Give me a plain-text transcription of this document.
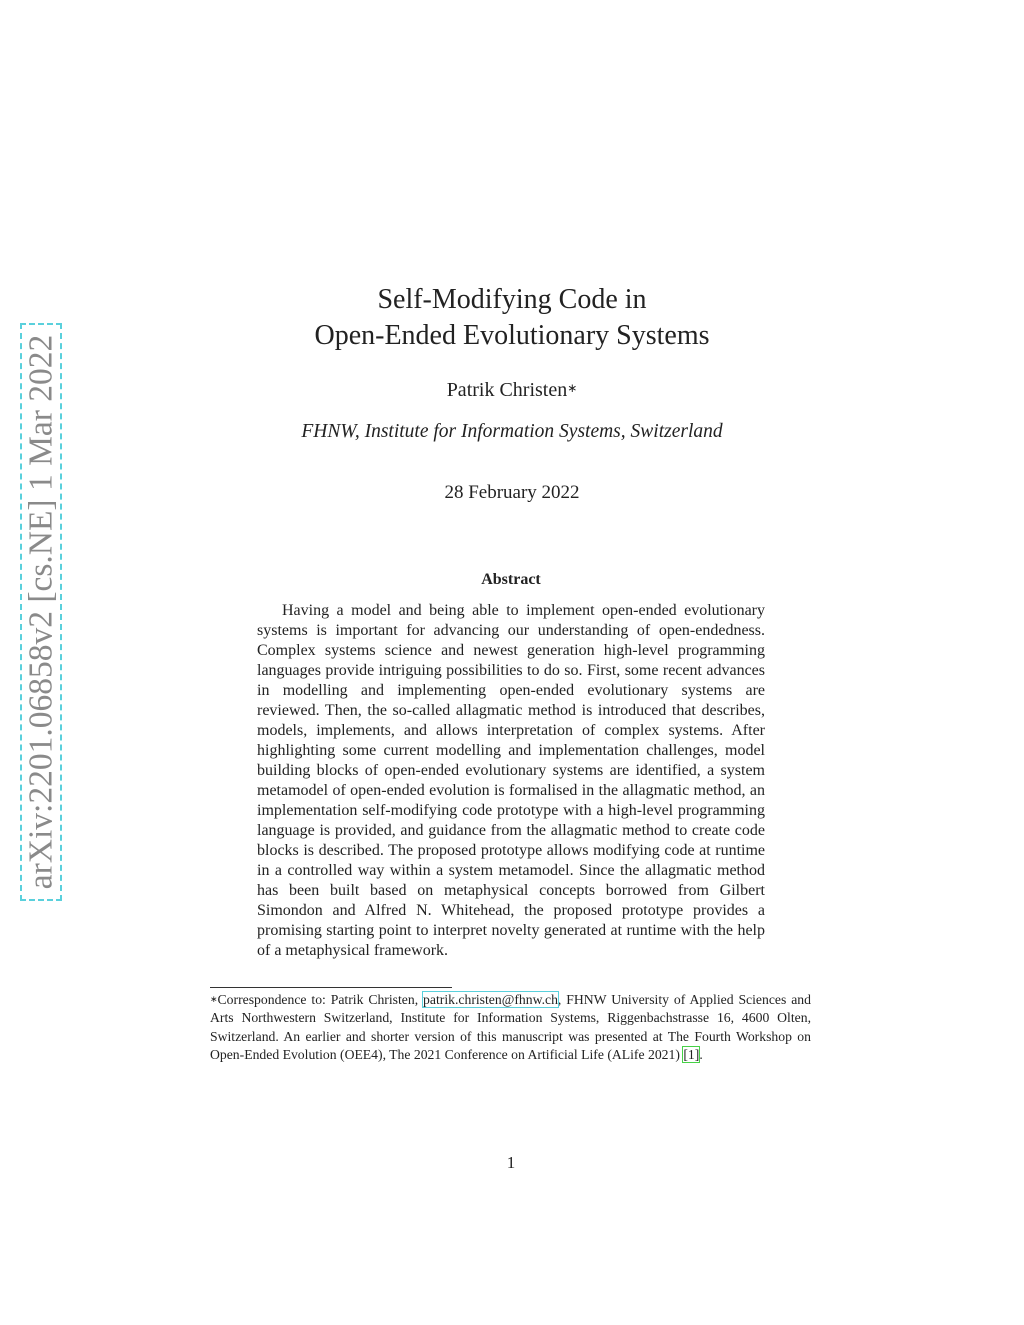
arXiv:2201.06858v2 [cs.NE] 1 Mar 2022
Self-Modifying Code in
Open-Ended Evolutionary Systems
Patrik Christen∗
FHNW, Institute for Information Systems, Switzerland
28 February 2022
Abstract

Having a model and being able to implement open-ended evolutionary systems is important for advancing our understanding of open-endedness. Complex systems science and newest generation high-level programming languages provide intriguing possibilities to do so. First, some recent advances in modelling and implementing open-ended evolutionary systems are reviewed. Then, the so-called allagmatic method is introduced that describes, models, implements, and allows interpretation of complex systems. After highlighting some current modelling and implementation challenges, model building blocks of open-ended evolutionary systems are identified, a system metamodel of open-ended evolution is formalised in the allagmatic method, an implementation self-modifying code prototype with a high-level programming language is provided, and guidance from the allagmatic method to create code blocks is described. The proposed prototype allows modifying code at runtime in a controlled way within a system metamodel. Since the allagmatic method has been built based on metaphysical concepts borrowed from Gilbert Simondon and Alfred N. Whitehead, the proposed prototype provides a promising starting point to interpret novelty generated at runtime with the help of a metaphysical framework.

∗Correspondence to: Patrik Christen, patrik.christen@fhnw.ch, FHNW University of Applied Sciences and Arts Northwestern Switzerland, Institute for Information Systems, Riggenbachstrasse 16, 4600 Olten, Switzerland. An earlier and shorter version of this manuscript was presented at The Fourth Workshop on Open-Ended Evolution (OEE4), The 2021 Conference on Artificial Life (ALife 2021) [1].

1
